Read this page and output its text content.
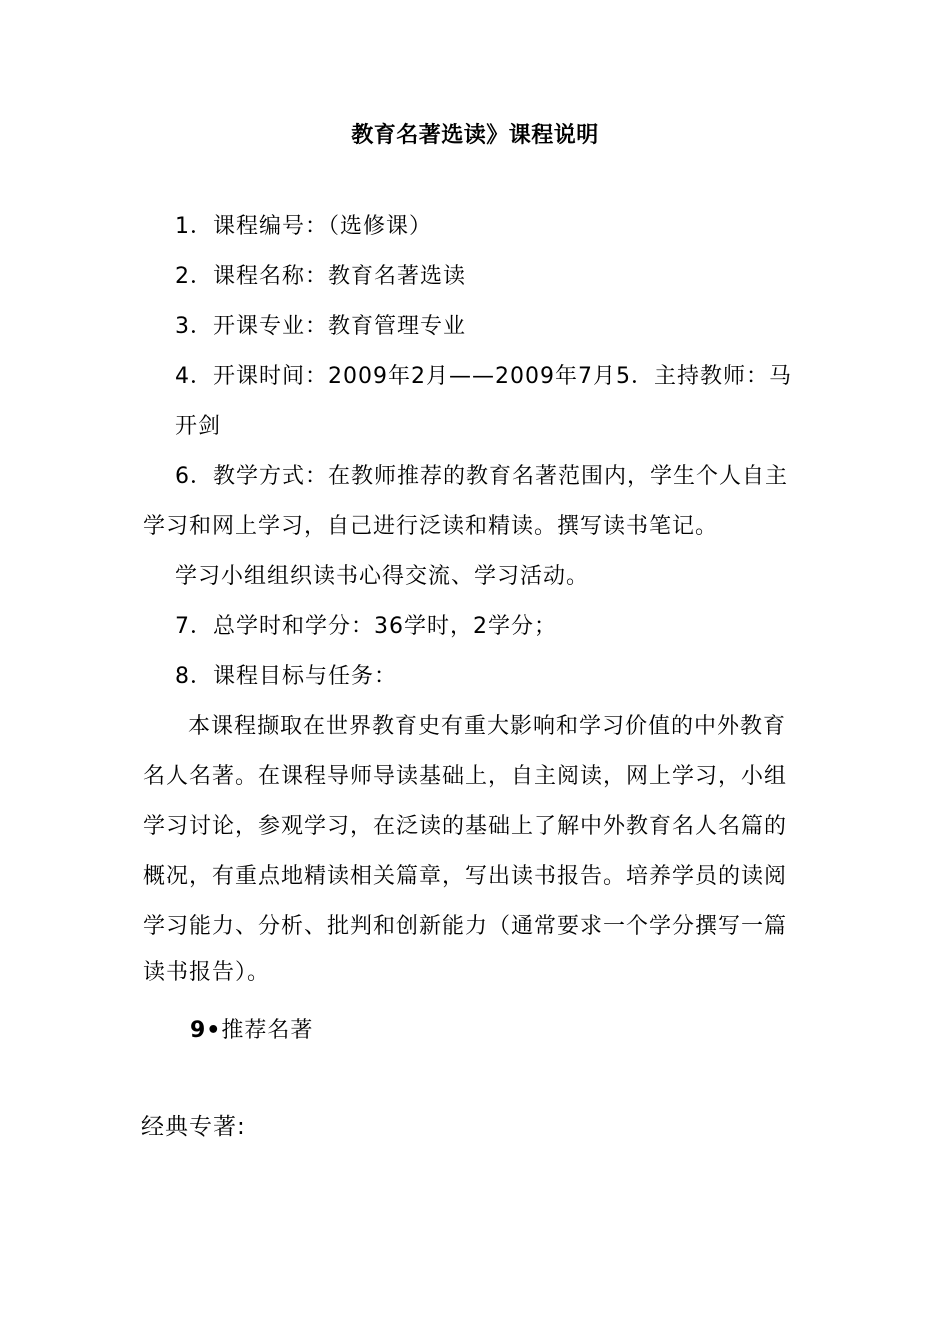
教育名著选读》课程说明
1．课程编号：（选修课）
2．课程名称：教育名著选读
3．开课专业：教育管理专业
4．开课时间：2009年2月——2009年7月5．主持教师：马
开剑
6．教学方式：在教师推荐的教育名著范围内，学生个人自主
学习和网上学习，自己进行泛读和精读。撰写读书笔记。
学习小组组织读书心得交流、学习活动。
7．总学时和学分：36学时，2学分；
8．课程目标与任务：
本课程撷取在世界教育史有重大影响和学习价值的中外教育
名人名著。在课程导师导读基础上，自主阅读，网上学习，小组
学习讨论，参观学习，在泛读的基础上了解中外教育名人名篇的
概况，有重点地精读相关篇章，写出读书报告。培养学员的读阅
学习能力、分析、批判和创新能力（通常要求一个学分撰写一篇
读书报告）。
9•推荐名著
经典专著:
